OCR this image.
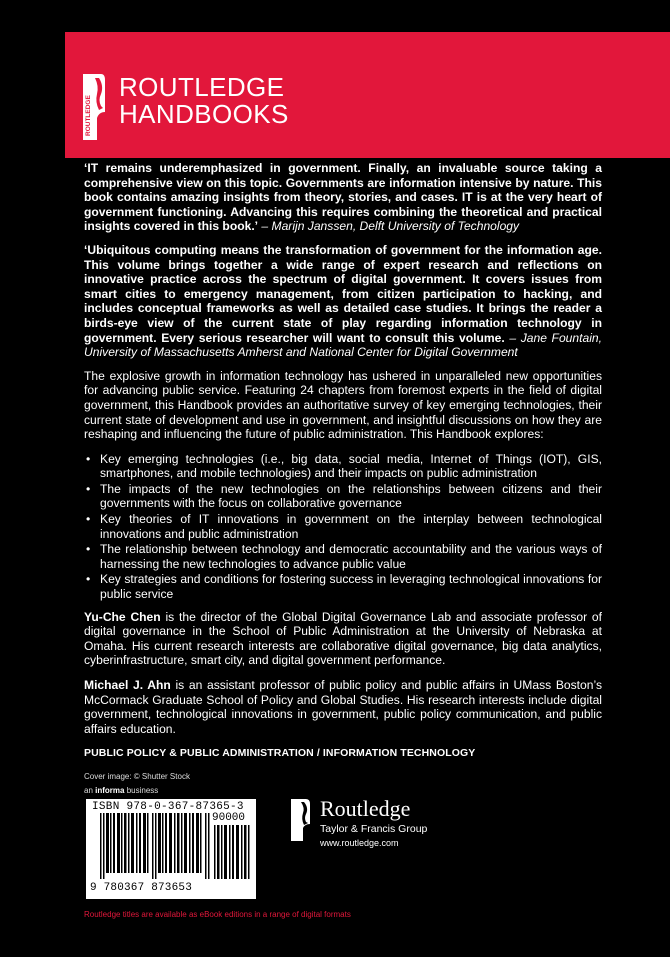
ROUTLEDGE
ROUTLEDGE
HANDBOOKS

‘IT remains underemphasized in government. Finally, an invaluable source taking a comprehensive view on this topic. Governments are information intensive by nature. This book contains amazing insights from theory, stories, and cases. IT is at the very heart of government functioning. Advancing this requires combining the theoretical and practical insights covered in this book.’ – Marijn Janssen, Delft University of Technology

‘Ubiquitous computing means the transformation of government for the information age. This volume brings together a wide range of expert research and reflections on innovative practice across the spectrum of digital government. It covers issues from smart cities to emergency management, from citizen participation to hacking, and includes conceptual frameworks as well as detailed case studies. It brings the reader a birds-eye view of the current state of play regarding information technology in government. Every serious researcher will want to consult this volume. – Jane Fountain, University of Massachusetts Amherst and National Center for Digital Government

The explosive growth in information technology has ushered in unparalleled new opportunities for advancing public service. Featuring 24 chapters from foremost experts in the field of digital government, this Handbook provides an authoritative survey of key emerging technologies, their current state of development and use in government, and insightful discussions on how they are reshaping and influencing the future of public administration. This Handbook explores:

• Key emerging technologies (i.e., big data, social media, Internet of Things (IOT), GIS, smartphones, and mobile technologies) and their impacts on public administration
• The impacts of the new technologies on the relationships between citizens and their governments with the focus on collaborative governance
• Key theories of IT innovations in government on the interplay between technological innovations and public administration
• The relationship between technology and democratic accountability and the various ways of harnessing the new technologies to advance public value
• Key strategies and conditions for fostering success in leveraging technological innovations for public service

Yu-Che Chen is the director of the Global Digital Governance Lab and associate professor of digital governance in the School of Public Administration at the University of Nebraska at Omaha. His current research interests are collaborative digital governance, big data analytics, cyberinfrastructure, smart city, and digital government performance.

Michael J. Ahn is an assistant professor of public policy and public affairs in UMass Boston’s McCormack Graduate School of Policy and Global Studies. His research interests include digital government, technological innovations in government, public policy communication, and public affairs education.

PUBLIC POLICY & PUBLIC ADMINISTRATION / INFORMATION TECHNOLOGY
Cover image: © Shutter Stock
an informa business
ISBN 978-0-367-87365-3
90000
9 780367 873653
Routledge
Taylor & Francis Group
www.routledge.com
Routledge titles are available as eBook editions in a range of digital formats
